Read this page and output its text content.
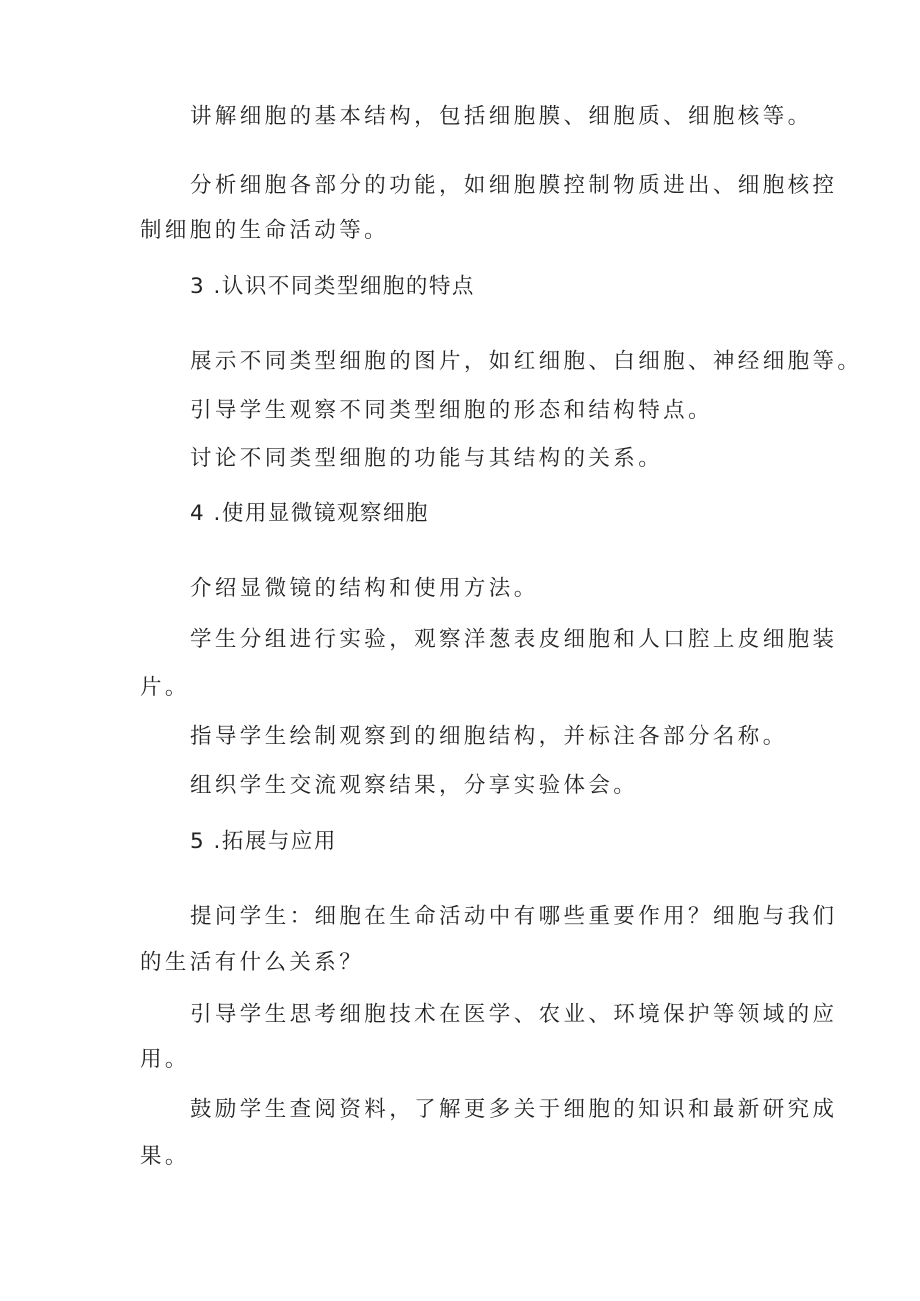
讲解细胞的基本结构，包括细胞膜、细胞质、细胞核等。
分析细胞各部分的功能，如细胞膜控制物质进出、细胞核控
制细胞的生命活动等。
3 .认识不同类型细胞的特点
展示不同类型细胞的图片，如红细胞、白细胞、神经细胞等。
引导学生观察不同类型细胞的形态和结构特点。
讨论不同类型细胞的功能与其结构的关系。
4 .使用显微镜观察细胞
介绍显微镜的结构和使用方法。
学生分组进行实验，观察洋葱表皮细胞和人口腔上皮细胞装
片。
指导学生绘制观察到的细胞结构，并标注各部分名称。
组织学生交流观察结果，分享实验体会。
5 .拓展与应用
提问学生：细胞在生命活动中有哪些重要作用？细胞与我们
的生活有什么关系？
引导学生思考细胞技术在医学、农业、环境保护等领域的应
用。
鼓励学生查阅资料，了解更多关于细胞的知识和最新研究成
果。
